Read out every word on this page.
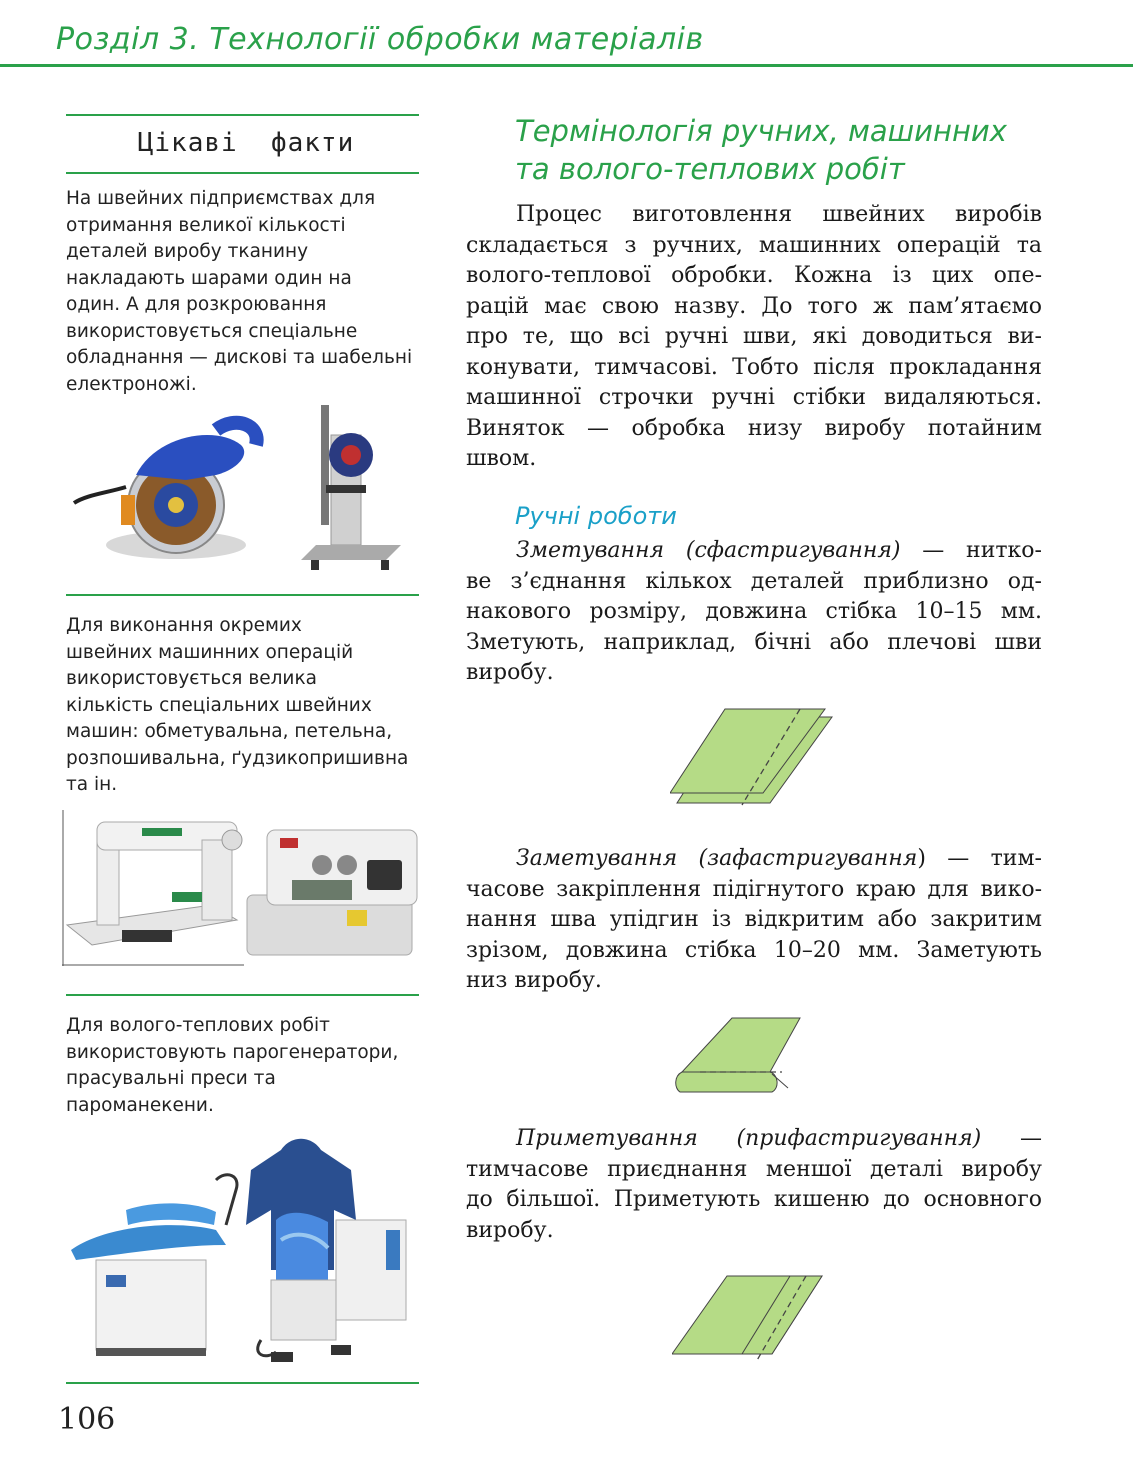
Розділ 3. Технології обробки матеріалів
Цікаві  факти
На швейних підприємствах для
отримання великої кількості
деталей виробу тканину
накладають шарами один на
один. А для розкроювання
використовується спеціальне
обладнання — дискові та шабельні
електроножі.
Для виконання окремих
швейних машинних операцій
використовується велика
кількість спеціальних швейних
машин: обметувальна, петельна,
розпошивальна, ґудзикопришивна
та ін.
Для волого-теплових робіт
використовують парогенератори,
прасувальні преси та
пароманекени.
106
Термінологія ручних, машинних
та волого-теплових робіт
Процес виготовлення швейних виробів
складається з ручних, машинних операцій та
волого-теплової обробки. Кожна із цих опе-
рацій має свою назву. До того ж пам’ятаємо
про те, що всі ручні шви, які доводиться ви-
конувати, тимчасові. Тобто після прокладання
машинної строчки ручні стібки видаляються.
Виняток — обробка низу виробу потайним
швом.
Ручні роботи
Зметування (сфастригування) — нитко-
ве з’єднання кількох деталей приблизно од-
накового розміру, довжина стібка 10–15 мм.
Зметують, наприклад, бічні або плечові шви
виробу.
Заметування (зафастригування) — тим-
часове закріплення підігнутого краю для вико-
нання шва упідгин із відкритим або закритим
зрізом, довжина стібка 10–20 мм. Заметують
низ виробу.
Приметування (прифастригування) —
тимчасове приєднання меншої деталі виробу
до більшої. Приметують кишеню до основного
виробу.
